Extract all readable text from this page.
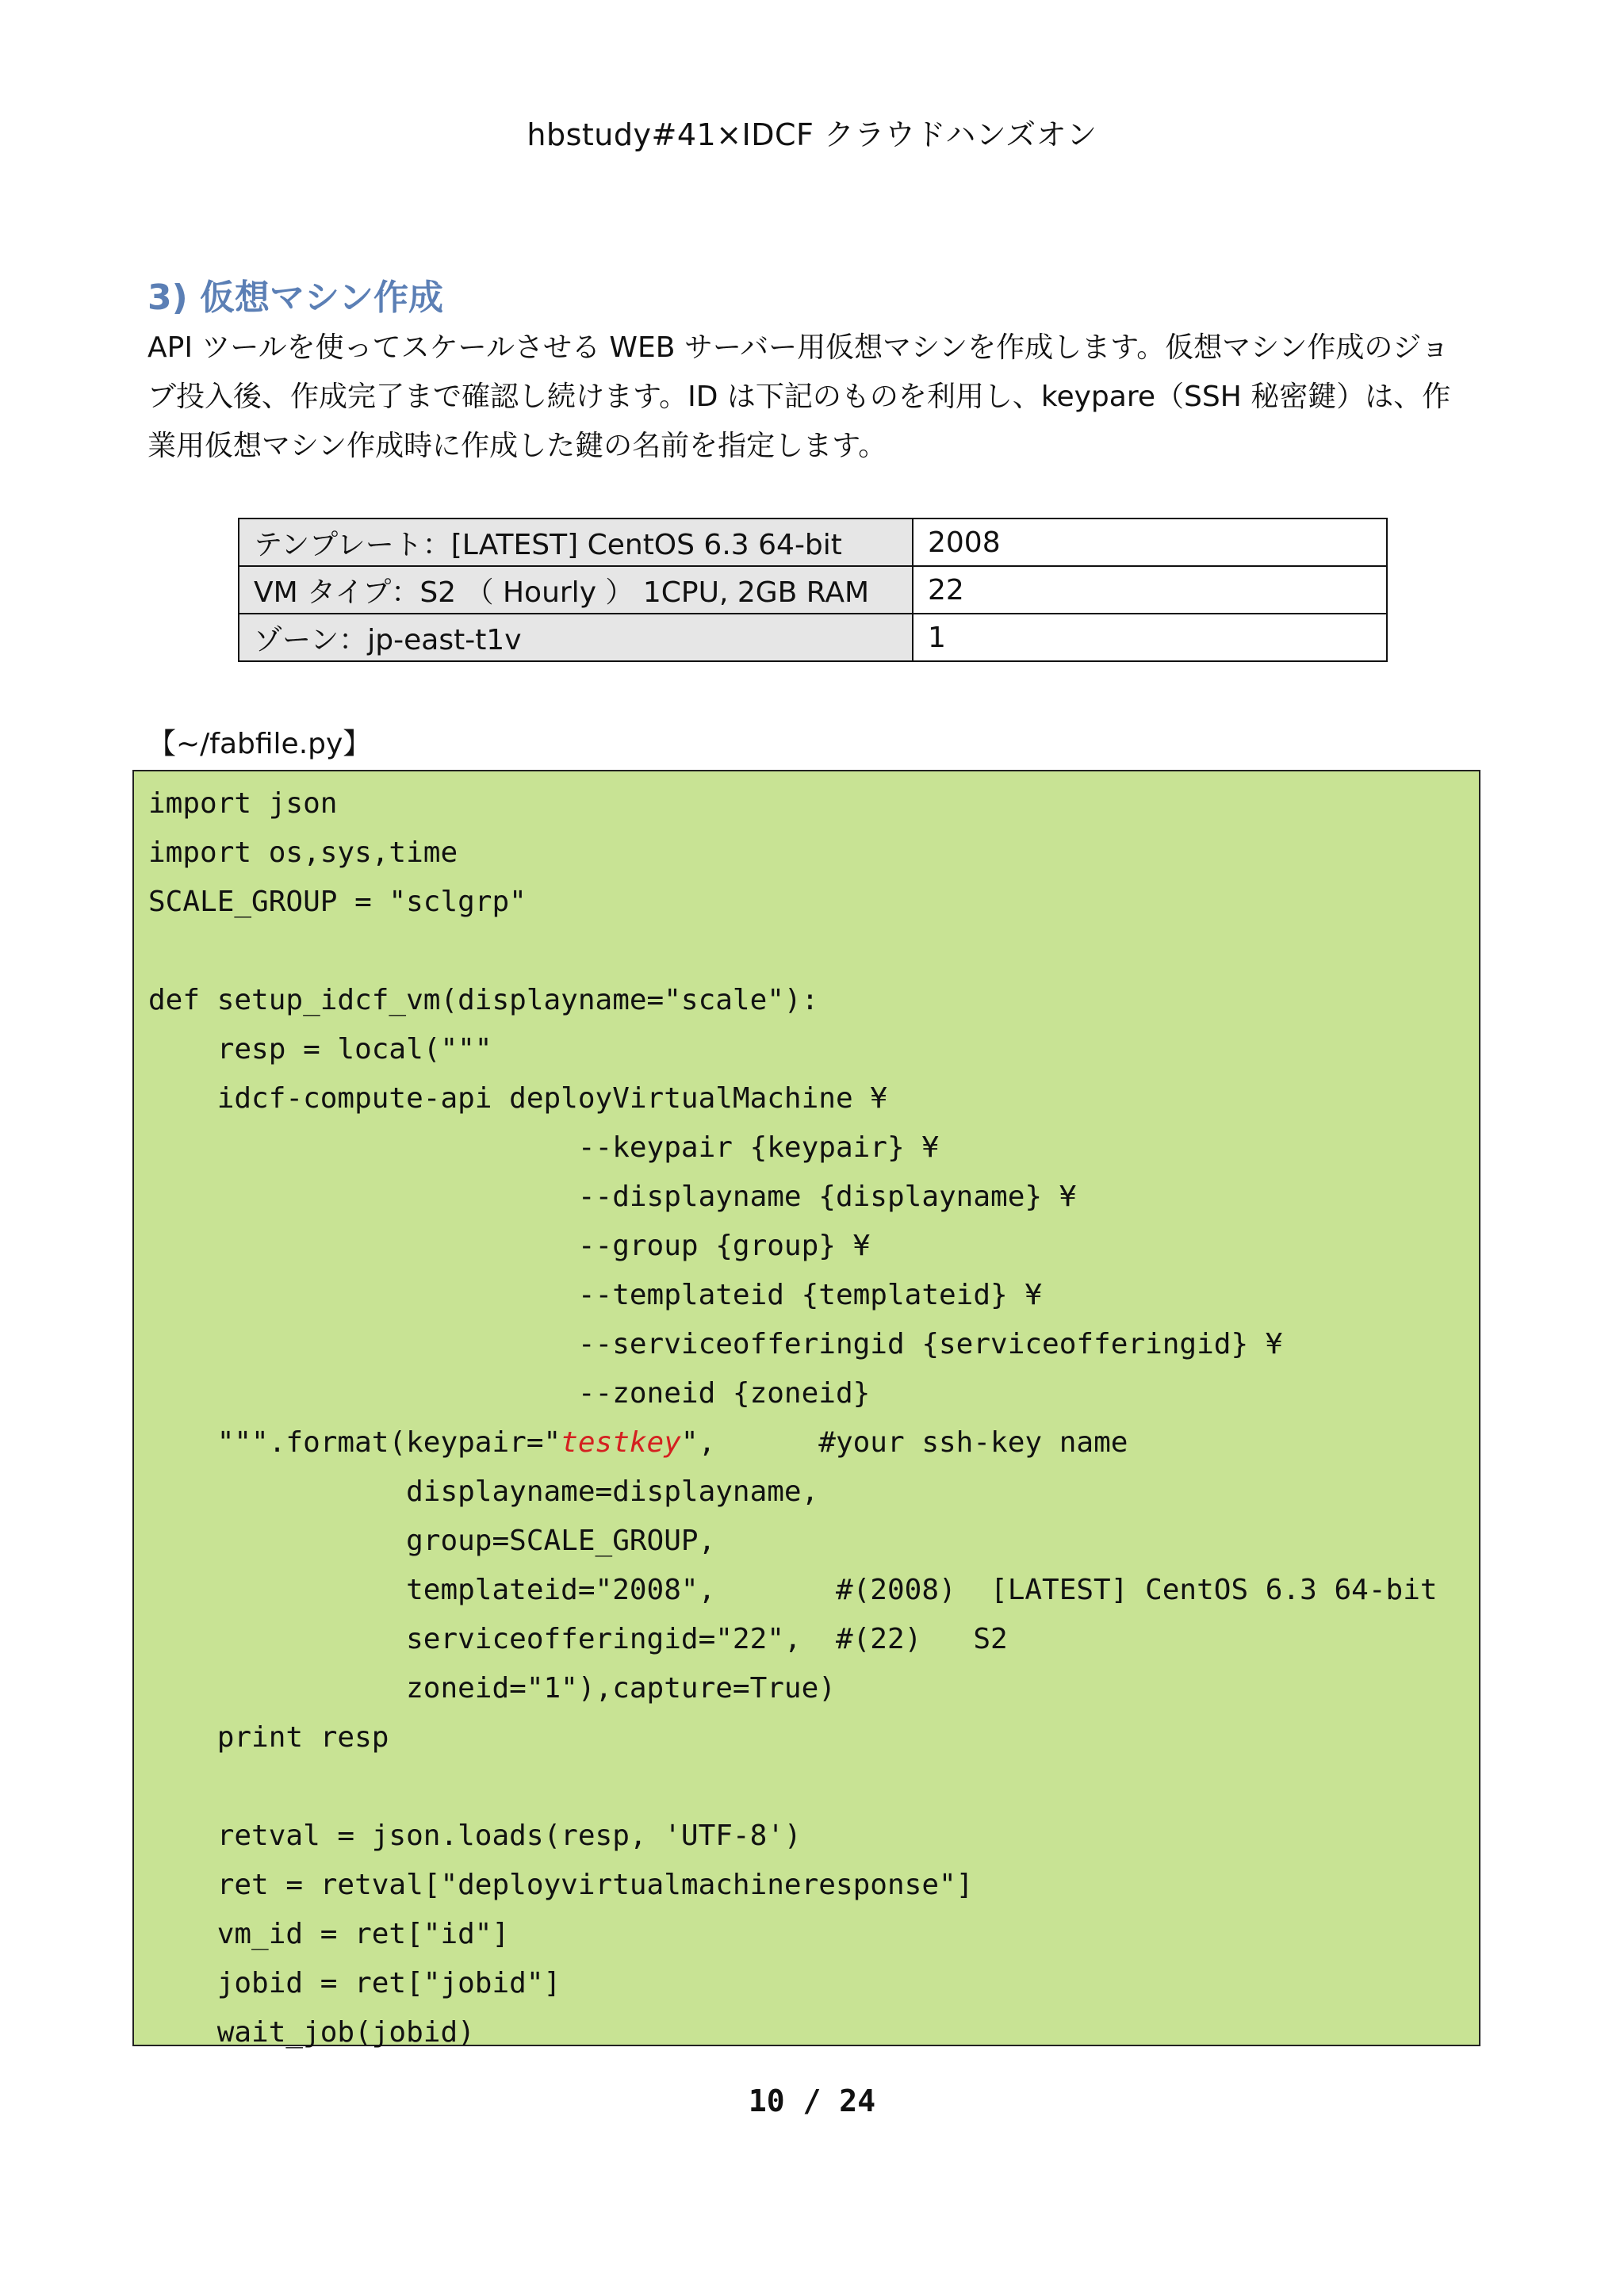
hbstudy#41×IDCF クラウドハンズオン
3) 仮想マシン作成

API ツールを使ってスケールさせる WEB サーバー用仮想マシンを作成します。仮想マシン作成のジョ

ブ投入後、作成完了まで確認し続けます。ID は下記のものを利用し、keypare（SSH 秘密鍵）は、作

業用仮想マシン作成時に作成した鍵の名前を指定します。

テンプレート：[LATEST] CentOS 6.3 64-bit	2008
VM タイプ：S2 （ Hourly ） 1CPU, 2GB RAM	22
ゾーン：jp-east-t1v	1
【~/fabfile.py】
import json
import os,sys,time
SCALE_GROUP = "sclgrp"
def setup_idcf_vm(displayname="scale"):
resp = local("""
idcf-compute-api deployVirtualMachine ¥
--keypair {keypair} ¥
--displayname {displayname} ¥
--group {group} ¥
--templateid {templateid} ¥
--serviceofferingid {serviceofferingid} ¥
--zoneid {zoneid}
""".format(keypair="testkey",      #your ssh-key name
displayname=displayname,
group=SCALE_GROUP,
templateid="2008",       #(2008)  [LATEST] CentOS 6.3 64-bit
serviceofferingid="22",  #(22)   S2
zoneid="1"),capture=True)
print resp
retval = json.loads(resp, 'UTF-8')
ret = retval["deployvirtualmachineresponse"]
vm_id = ret["id"]
jobid = ret["jobid"]
wait_job(jobid)
10 / 24
